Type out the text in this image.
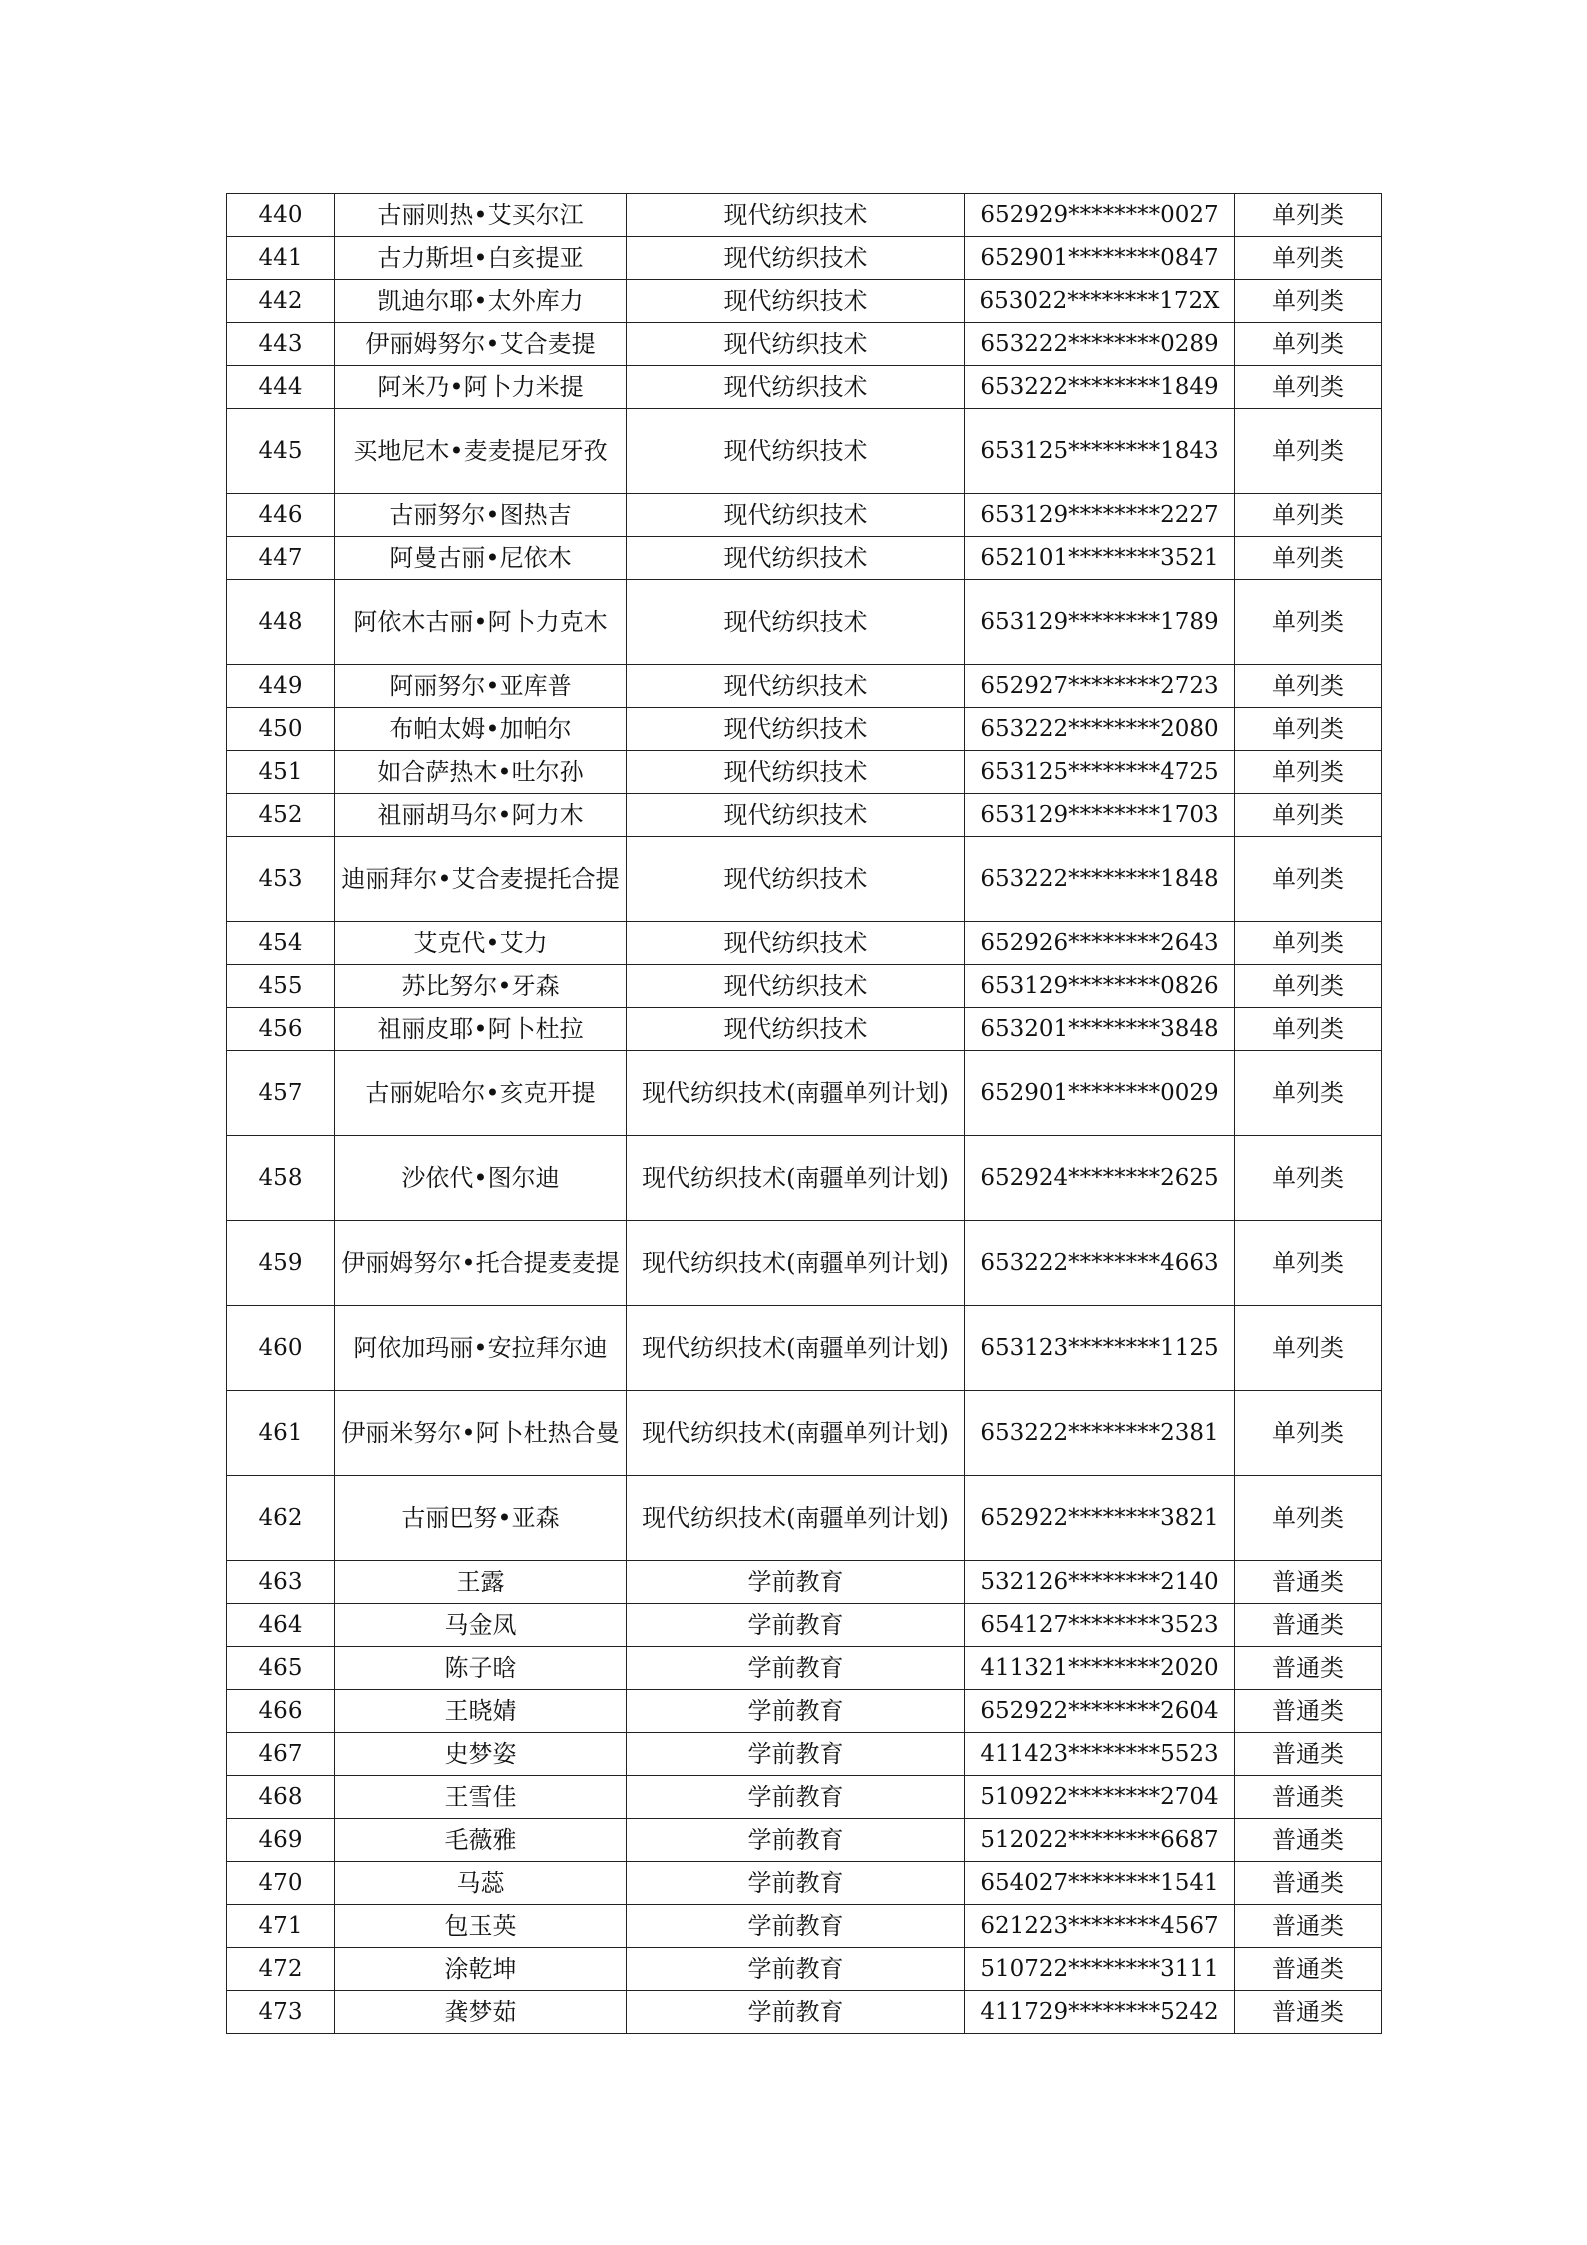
440	古丽则热•艾买尔江	现代纺织技术	652929********0027	单列类
441	古力斯坦•白亥提亚	现代纺织技术	652901********0847	单列类
442	凯迪尔耶•太外库力	现代纺织技术	653022********172X	单列类
443	伊丽姆努尔•艾合麦提	现代纺织技术	653222********0289	单列类
444	阿米乃•阿卜力米提	现代纺织技术	653222********1849	单列类
445	买地尼木•麦麦提尼牙孜	现代纺织技术	653125********1843	单列类
446	古丽努尔•图热吉	现代纺织技术	653129********2227	单列类
447	阿曼古丽•尼依木	现代纺织技术	652101********3521	单列类
448	阿依木古丽•阿卜力克木	现代纺织技术	653129********1789	单列类
449	阿丽努尔•亚库普	现代纺织技术	652927********2723	单列类
450	布帕太姆•加帕尔	现代纺织技术	653222********2080	单列类
451	如合萨热木•吐尔孙	现代纺织技术	653125********4725	单列类
452	祖丽胡马尔•阿力木	现代纺织技术	653129********1703	单列类
453	迪丽拜尔•艾合麦提托合提	现代纺织技术	653222********1848	单列类
454	艾克代•艾力	现代纺织技术	652926********2643	单列类
455	苏比努尔•牙森	现代纺织技术	653129********0826	单列类
456	祖丽皮耶•阿卜杜拉	现代纺织技术	653201********3848	单列类
457	古丽妮哈尔•亥克开提	现代纺织技术(南疆单列计划)	652901********0029	单列类
458	沙依代•图尔迪	现代纺织技术(南疆单列计划)	652924********2625	单列类
459	伊丽姆努尔•托合提麦麦提	现代纺织技术(南疆单列计划)	653222********4663	单列类
460	阿依加玛丽•安拉拜尔迪	现代纺织技术(南疆单列计划)	653123********1125	单列类
461	伊丽米努尔•阿卜杜热合曼	现代纺织技术(南疆单列计划)	653222********2381	单列类
462	古丽巴努•亚森	现代纺织技术(南疆单列计划)	652922********3821	单列类
463	王露	学前教育	532126********2140	普通类
464	马金凤	学前教育	654127********3523	普通类
465	陈子晗	学前教育	411321********2020	普通类
466	王晓婧	学前教育	652922********2604	普通类
467	史梦姿	学前教育	411423********5523	普通类
468	王雪佳	学前教育	510922********2704	普通类
469	毛薇雅	学前教育	512022********6687	普通类
470	马蕊	学前教育	654027********1541	普通类
471	包玉英	学前教育	621223********4567	普通类
472	涂乾坤	学前教育	510722********3111	普通类
473	龚梦茹	学前教育	411729********5242	普通类
